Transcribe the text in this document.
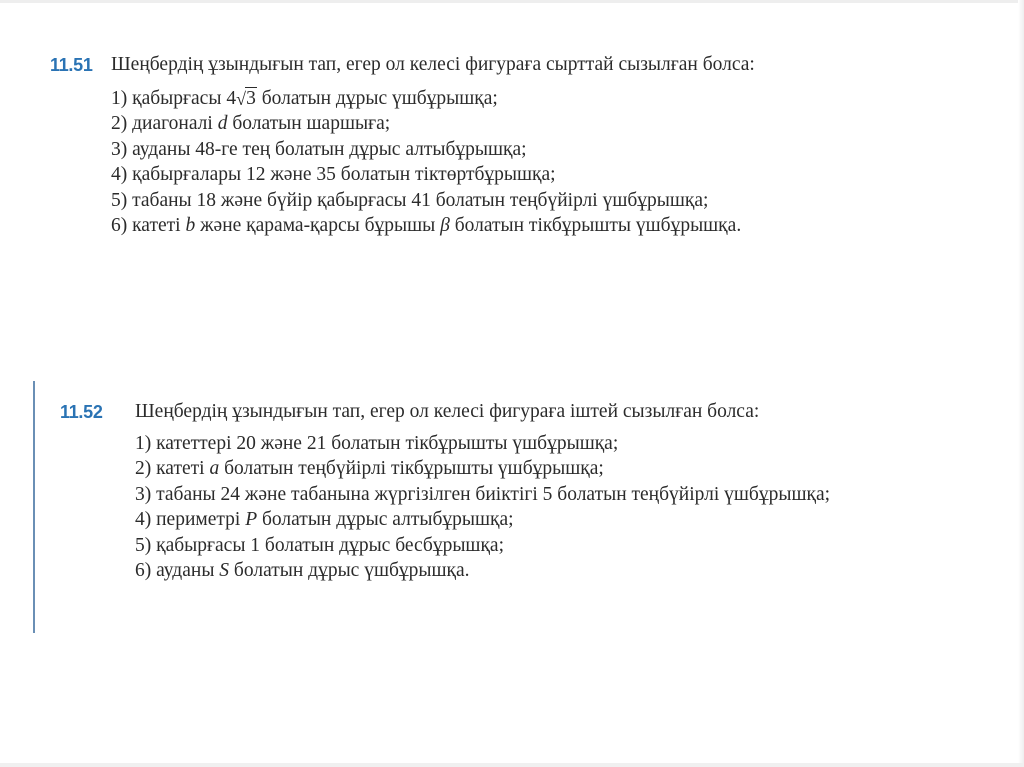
11.51 Шеңбердің ұзындығын тап, егер ол келесі фигураға сырттай сызылған болса:
1) қабырғасы 4 √ 3 болатын дұрыс үшбұрышқа;
2) диагоналі d болатын шаршыға;
3) ауданы 48-ге тең болатын дұрыс алтыбұрышқа;
4) қабырғалары 12 және 35 болатын тіктөртбұрышқа;
5) табаны 18 және бүйір қабырғасы 41 болатын теңбүйірлі үшбұрышқа;
6) катеті b және қарама-қарсы бұрышы β болатын тікбұрышты үшбұрышқа.
11.52 Шеңбердің ұзындығын тап, егер ол келесі фигураға іштей сызылған болса:
1) катеттері 20 және 21 болатын тікбұрышты үшбұрышқа;
2) катеті a болатын теңбүйірлі тікбұрышты үшбұрышқа;
3) табаны 24 және табанына жүргізілген биіктігі 5 болатын теңбүйірлі үшбұрышқа;
4) периметрі P болатын дұрыс алтыбұрышқа;
5) қабырғасы 1 болатын дұрыс бесбұрышқа;
6) ауданы S болатын дұрыс үшбұрышқа.
